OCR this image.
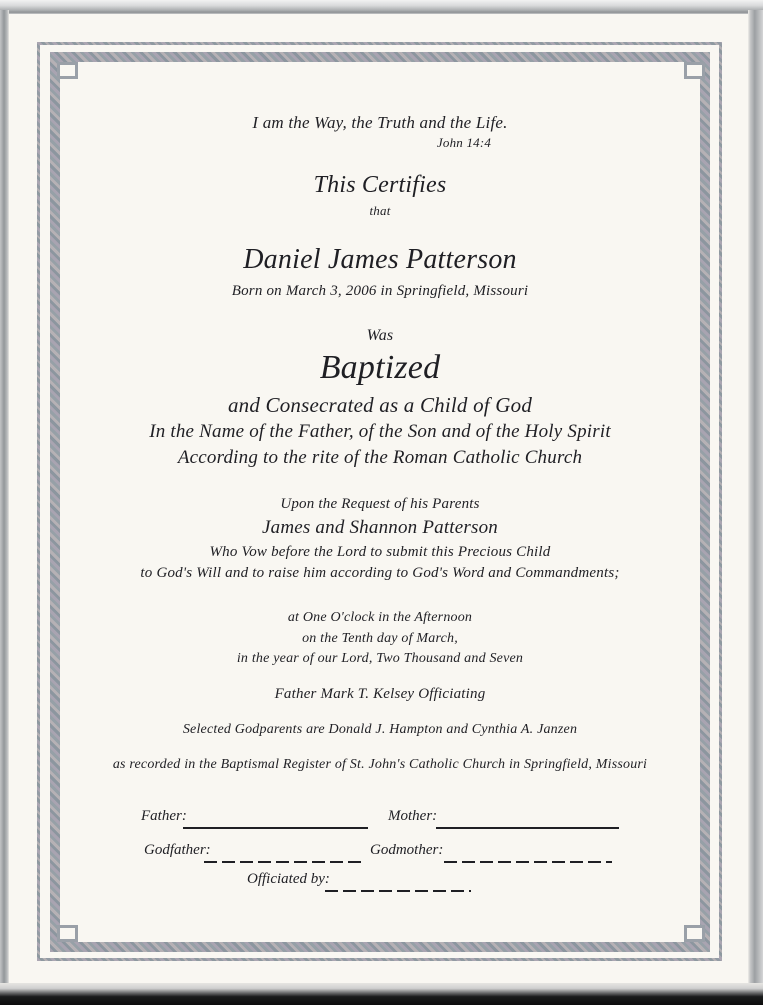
I am the Way, the Truth and the Life.
John 14:4
This Certifies
that
Daniel James Patterson
Born on March 3, 2006 in Springfield, Missouri
Was
Baptized
and Consecrated as a Child of God
In the Name of the Father, of the Son and of the Holy Spirit
According to the rite of the Roman Catholic Church
Upon the Request of his Parents
James and Shannon Patterson
Who Vow before the Lord to submit this Precious Child
to God's Will and to raise him according to God's Word and Commandments;
at One O'clock in the Afternoon
on the Tenth day of March,
in the year of our Lord, Two Thousand and Seven
Father Mark T. Kelsey Officiating
Selected Godparents are Donald J. Hampton and Cynthia A. Janzen
as recorded in the Baptismal Register of St. John's Catholic Church in Springfield, Missouri
Father:	Mother:
Godfather:	Godmother:
Officiated by:
